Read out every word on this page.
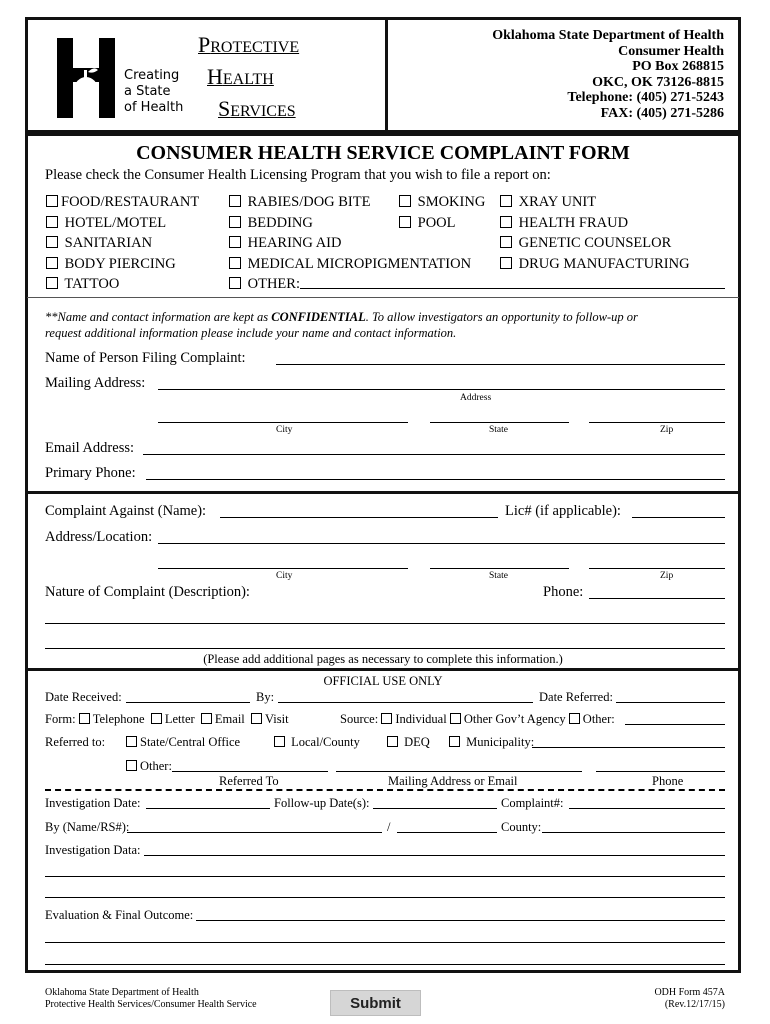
Creating
a State
of Health
PROTECTIVE
HEALTH
SERVICES
Oklahoma State Department of Health
Consumer Health
PO Box 268815
OKC, OK 73126-8815
Telephone: (405) 271-5243
FAX: (405) 271-5286
CONSUMER HEALTH SERVICE COMPLAINT FORM
Please check the Consumer Health Licensing Program that you wish to file a report on:
FOOD/RESTAURANT
HOTEL/MOTEL
SANITARIAN
BODY PIERCING
TATTOO
RABIES/DOG BITE
BEDDING
HEARING AID
MEDICAL MICROPIGMENTATION
OTHER:
SMOKING
POOL
XRAY UNIT
HEALTH FRAUD
GENETIC COUNSELOR
DRUG MANUFACTURING
**Name and contact information are kept as CONFIDENTIAL. To allow investigators an opportunity to follow-up or
request additional information please include your name and contact information.
Name of Person Filing Complaint:
Mailing Address:
Address
City	State	Zip
Email Address:
Primary Phone:
Complaint Against (Name):	Lic# (if applicable):
Address/Location:
City	State	Zip
Nature of Complaint (Description):	Phone:
(Please add additional pages as necessary to complete this information.)
OFFICIAL USE ONLY
Date Received:	By:	Date Referred:
Form: Telephone Letter Email Visit	Source: Individual Other Gov’t Agency Other:
Referred to:	State/Central Office	Local/County	DEQ	Municipality:
Other:
Referred To	Mailing Address or Email	Phone
Investigation Date:	Follow-up Date(s):	Complaint#:
By (Name/RS#):	/	County:
Investigation Data:
Evaluation & Final Outcome:
Oklahoma State Department of Health
Protective Health Services/Consumer Health Service	Submit
ODH Form 457A
(Rev.12/17/15)
